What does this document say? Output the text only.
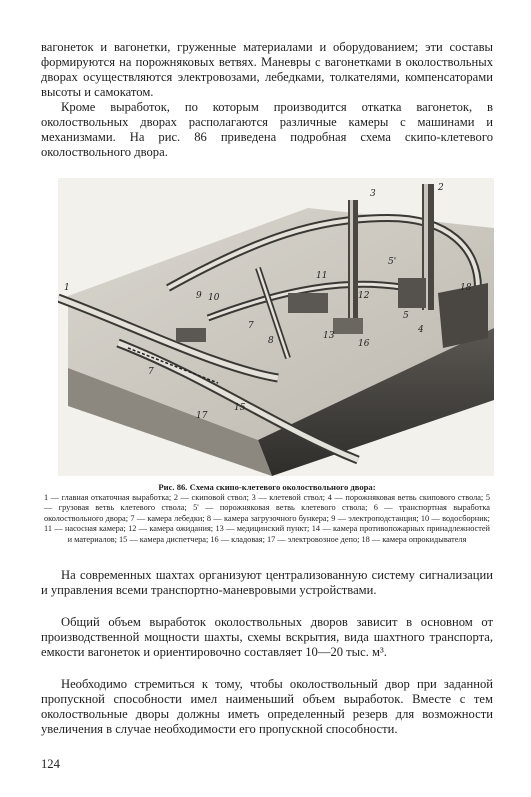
вагонеток и вагонетки, груженные материалами и оборудованием; эти составы формируются на порожняковых ветвях. Маневры с вагонетками в околоствольных дворах осуществляются электровозами, лебедками, толкателями, компенсаторами высоты и самокатом.

Кроме выработок, по которым производится откатка вагонеток, в околоствольных дворах располагаются различные камеры с машинами и механизмами. На рис. 86 приведена подробная схема скипо-клетевого околоствольного двора.

3
2
1
9
11
5'
12
7
8	13
16
5
4
18
7
17
15
10

Рис. 86. Схема скипо-клетевого околоствольного двора:

1 — главная откаточная выработка; 2 — скиповой ствол; 3 — клетевой ствол; 4 — порожняковая ветвь скипового ствола; 5 — грузовая ветвь клетевого ствола; 5' — порожняковая ветвь клетевого ствола; 6 — транспортная выработка околоствольного двора; 7 — камера лебедки; 8 — камера загрузочного бункера; 9 — электроподстанция; 10 — водосборник; 11 — насосная камера; 12 — камера ожидания; 13 — медицинский пункт; 14 — камера противопожарных принадлежностей и материалов; 15 — камера диспетчера; 16 — кладовая; 17 — электровозное депо; 18 — камера опрокидывателя

На современных шахтах организуют централизованную систему сигнализации и управления всеми транспортно-маневровыми устройствами.

Общий объем выработок околоствольных дворов зависит в основном от производственной мощности шахты, схемы вскрытия, вида шахтного транспорта, емкости вагонеток и ориентировочно составляет 10—20 тыс. м³.

Необходимо стремиться к тому, чтобы околоствольный двор при заданной пропускной способности имел наименьший объем выработок. Вместе с тем околоствольные дворы должны иметь определенный резерв для возможности увеличения в случае необходимости его пропускной способности.

124
